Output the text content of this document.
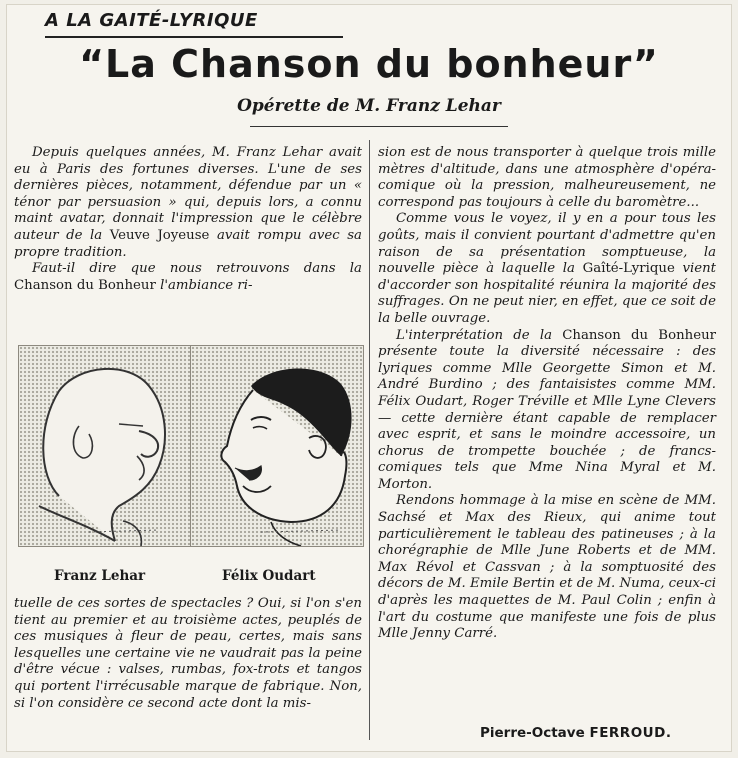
A LA GAITÉ-LYRIQUE
“La Chanson du bonheur”
Opérette de M. Franz Lehar

Depuis quelques années, M. Franz Lehar avait eu à Paris des fortunes diverses. L'une de ses dernières pièces, notamment, défendue par un « ténor par persuasion » qui, depuis lors, a connu maint avatar, donnait l'impression que le célèbre auteur de la Veuve Joyeuse avait rompu avec sa propre tradition.

Faut-il dire que nous retrouvons dans la Chanson du Bonheur l'ambiance ri-

Franz Lehar	Félix Oudart

tuelle de ces sortes de spectacles ? Oui, si l'on s'en tient au premier et au troisième actes, peuplés de ces musiques à fleur de peau, certes, mais sans lesquelles une certaine vie ne vaudrait pas la peine d'être vécue : valses, rumbas, fox-trots et tangos qui portent l'irrécusable marque de fabrique. Non, si l'on considère ce second acte dont la mis-

sion est de nous transporter à quelque trois mille mètres d'altitude, dans une atmosphère d'opéra-comique où la pression, malheureusement, ne correspond pas toujours à celle du baromètre...

Comme vous le voyez, il y en a pour tous les goûts, mais il convient pourtant d'admettre qu'en raison de sa présentation somptueuse, la nouvelle pièce à laquelle la Gaîté-Lyrique vient d'accorder son hospitalité réunira la majorité des suffrages. On ne peut nier, en effet, que ce soit de la belle ouvrage.

L'interprétation de la Chanson du Bonheur présente toute la diversité nécessaire : des lyriques comme Mlle Georgette Simon et M. André Burdino ; des fantaisistes comme MM. Félix Oudart, Roger Tréville et Mlle Lyne Clevers — cette dernière étant capable de remplacer avec esprit, et sans le moindre accessoire, un chorus de trompette bouchée ; de francs-comiques tels que Mme Nina Myral et M. Morton.

Rendons hommage à la mise en scène de MM. Sachsé et Max des Rieux, qui anime tout particulièrement le tableau des patineuses ; à la chorégraphie de Mlle June Roberts et de MM. Max Révol et Cassvan ; à la somptuosité des décors de M. Emile Bertin et de M. Numa, ceux-ci d'après les maquettes de M. Paul Colin ; enfin à l'art du costume que manifeste une fois de plus Mlle Jenny Carré.

Pierre-Octave FERROUD.
